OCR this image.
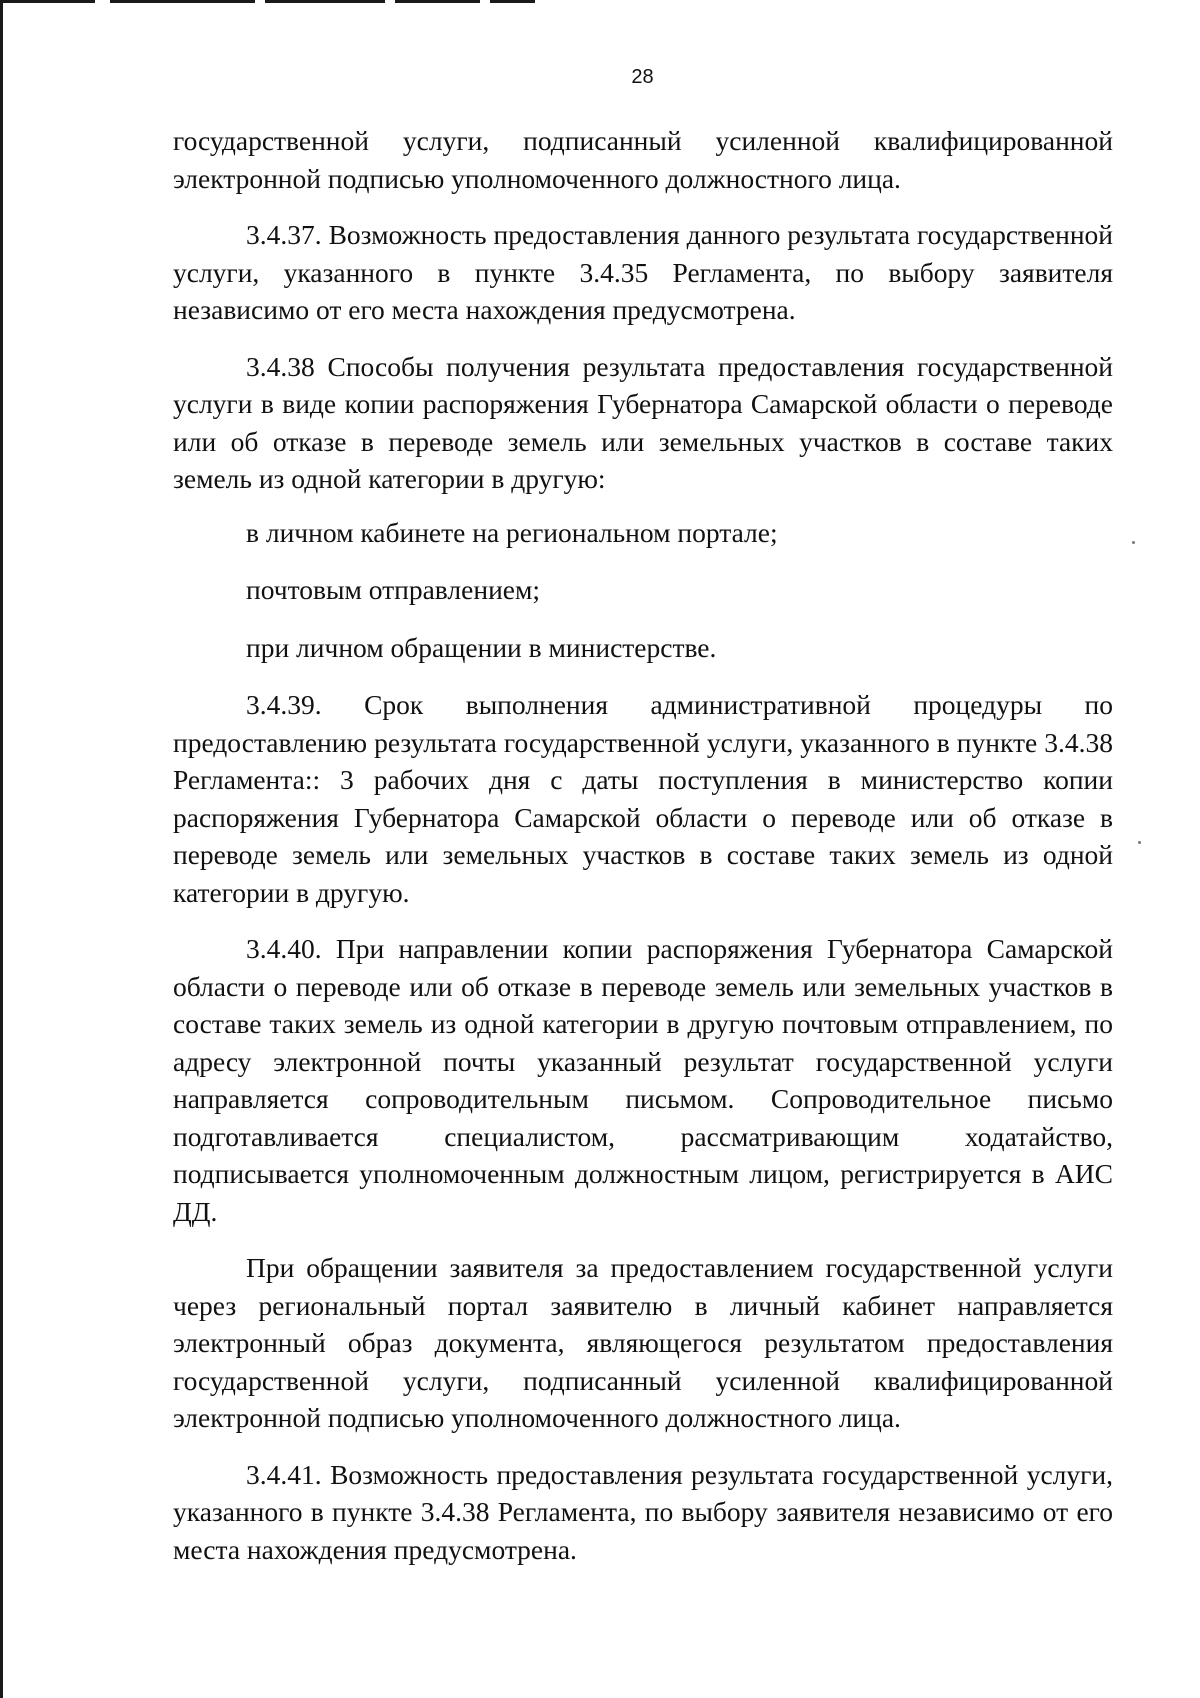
28

государственной услуги, подписанный усиленной квалифицированной электронной подписью уполномоченного должностного лица.

3.4.37. Возможность предоставления данного результата государственной услуги, указанного в пункте 3.4.35 Регламента, по выбору заявителя независимо от его места нахождения предусмотрена.

3.4.38 Способы получения результата предоставления государственной услуги в виде копии распоряжения Губернатора Самарской области о переводе или об отказе в переводе земель или земельных участков в составе таких земель из одной категории в другую:

в личном кабинете на региональном портале;

почтовым отправлением;

при личном обращении в министерстве.

3.4.39. Срок выполнения административной процедуры по предоставлению результата государственной услуги, указанного в пункте 3.4.38 Регламента:: 3 рабочих дня с даты поступления в министерство копии распоряжения Губернатора Самарской области о переводе или об отказе в переводе земель или земельных участков в составе таких земель из одной категории в другую.

3.4.40. При направлении копии распоряжения Губернатора Самарской области о переводе или об отказе в переводе земель или земельных участков в составе таких земель из одной категории в другую почтовым отправлением, по адресу электронной почты указанный результат государственной услуги направляется сопроводительным письмом. Сопроводительное письмо подготавливается специалистом, рассматривающим ходатайство, подписывается уполномоченным должностным лицом, регистрируется в АИС ДД.

При обращении заявителя за предоставлением государственной услуги через региональный портал заявителю в личный кабинет направляется электронный образ документа, являющегося результатом предоставления государственной услуги, подписанный усиленной квалифицированной электронной подписью уполномоченного должностного лица.

3.4.41. Возможность предоставления результата государственной услуги, указанного в пункте 3.4.38 Регламента, по выбору заявителя независимо от его места нахождения предусмотрена.
